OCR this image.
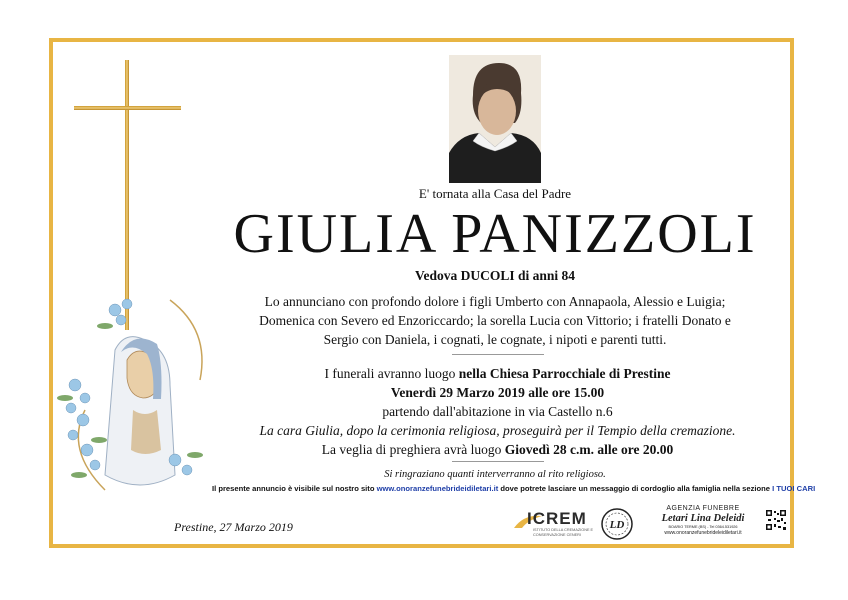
E' tornata alla Casa del Padre
GIULIA PANIZZOLI
Vedova DUCOLI di anni 84
Lo annunciano con profondo dolore i figli Umberto con Annapaola, Alessio e Luigia;
Domenica con Severo ed Enzoriccardo; la sorella Lucia con Vittorio; i fratelli Donato e
Sergio con Daniela, i cognati, le cognate, i nipoti e parenti tutti.
I funerali avranno luogo nella Chiesa Parrocchiale di Prestine
Venerdì 29 Marzo 2019 alle ore 15.00
partendo dall'abitazione in via Castello n.6
La cara Giulia, dopo la cerimonia religiosa, proseguirà per il Tempio della cremazione.
La veglia di preghiera avrà luogo Giovedì 28 c.m. alle ore 20.00
Si ringraziano quanti interverranno al rito religioso.
Il presente annuncio è visibile sul nostro sito www.onoranzefunebrideidiletari.it dove potrete lasciare un messaggio di cordoglio alla famiglia nella sezione I TUOI CARI
Prestine, 27 Marzo 2019	ICREM
ISTITUTO DELLA CREMAZIONE E CONSERVAZIONE CENERI
LD
AGENZIA FUNEBRE
Letari Lina Deleidi
BOARIO TERME (BS) - Tel 0364.531926
www.onoranzefunebrideleidiletari.it
